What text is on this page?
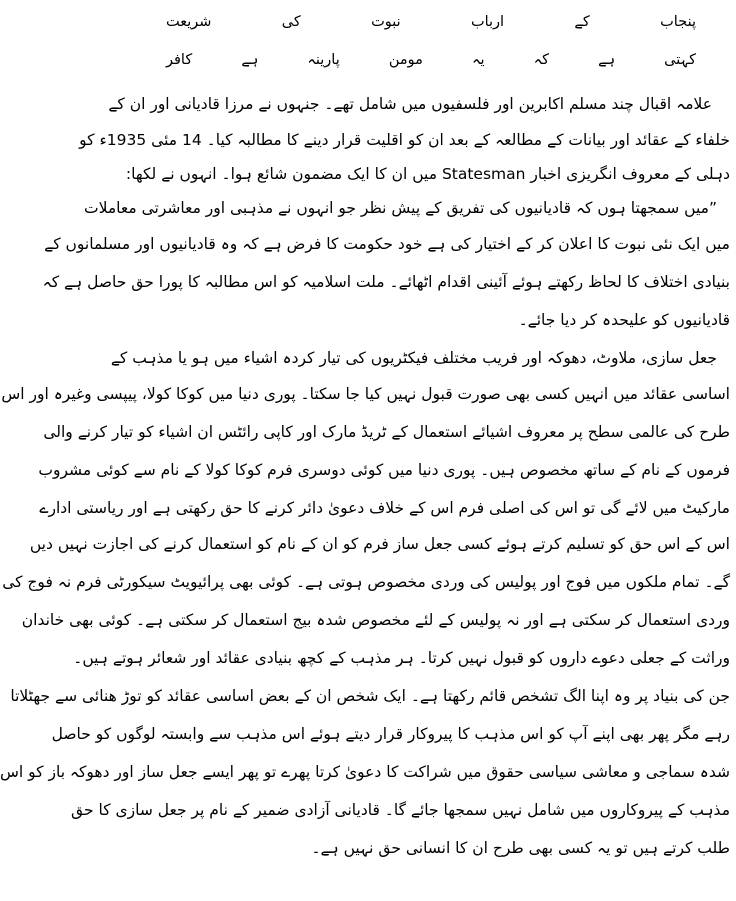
پنجاب کے ارباب نبوت کی شریعت
کہتی ہے کہ یہ مومن پارینہ ہے کافر
علامہ اقبال چند مسلم اکابرین اور فلسفیوں میں شامل تھے۔ جنہوں نے مرزا قادیانی اور ان کے
خلفاء کے عقائد اور بیانات کے مطالعہ کے بعد ان کو اقلیت قرار دینے کا مطالبہ کیا۔ 14 مئی 1935ء کو
دہلی کے معروف انگریزی اخبار Statesman میں ان کا ایک مضمون شائع ہوا۔ انہوں نے لکھا:
”میں سمجھتا ہوں کہ قادیانیوں کی تفریق کے پیش نظر جو انہوں نے مذہبی اور معاشرتی معاملات
میں ایک نئی نبوت کا اعلان کر کے اختیار کی ہے خود حکومت کا فرض ہے کہ وہ قادیانیوں اور مسلمانوں کے
بنیادی اختلاف کا لحاظ رکھتے ہوئے آئینی اقدام اٹھائے۔ ملت اسلامیہ کو اس مطالبہ کا پورا حق حاصل ہے کہ
قادیانیوں کو علیحدہ کر دیا جائے۔
جعل سازی، ملاوٹ، دھوکہ اور فریب مختلف فیکٹریوں کی تیار کردہ اشیاء میں ہو یا مذہب کے
اساسی عقائد میں انہیں کسی بھی صورت قبول نہیں کیا جا سکتا۔ پوری دنیا میں کوکا کولا، پیپسی وغیرہ اور اس
طرح کی عالمی سطح پر معروف اشیائے استعمال کے ٹریڈ مارک اور کاپی رائٹس ان اشیاء کو تیار کرنے والی
فرموں کے نام کے ساتھ مخصوص ہیں۔ پوری دنیا میں کوئی دوسری فرم کوکا کولا کے نام سے کوئی مشروب
مارکیٹ میں لائے گی تو اس کی اصلی فرم اس کے خلاف دعویٰ دائر کرنے کا حق رکھتی ہے اور ریاستی ادارے
اس کے اس حق کو تسلیم کرتے ہوئے کسی جعل ساز فرم کو ان کے نام کو استعمال کرنے کی اجازت نہیں دیں
گے۔ تمام ملکوں میں فوج اور پولیس کی وردی مخصوص ہوتی ہے۔ کوئی بھی پرائیویٹ سیکورٹی فرم نہ فوج کی
وردی استعمال کر سکتی ہے اور نہ پولیس کے لئے مخصوص شدہ بیج استعمال کر سکتی ہے۔ کوئی بھی خاندان
وراثت کے جعلی دعوے داروں کو قبول نہیں کرتا۔ ہر مذہب کے کچھ بنیادی عقائد اور شعائر ہوتے ہیں۔
جن کی بنیاد پر وہ اپنا الگ تشخص قائم رکھتا ہے۔ ایک شخص ان کے بعض اساسی عقائد کو توڑ ھنائی سے جھٹلاتا
رہے مگر پھر بھی اپنے آپ کو اس مذہب کا پیروکار قرار دیتے ہوئے اس مذہب سے وابستہ لوگوں کو حاصل
شدہ سماجی و معاشی سیاسی حقوق میں شراکت کا دعویٰ کرتا پھرے تو پھر ایسے جعل ساز اور دھوکہ باز کو اس
مذہب کے پیروکاروں میں شامل نہیں سمجھا جائے گا۔ قادیانی آزادی ضمیر کے نام پر جعل سازی کا حق
طلب کرتے ہیں تو یہ کسی بھی طرح ان کا انسانی حق نہیں ہے۔
